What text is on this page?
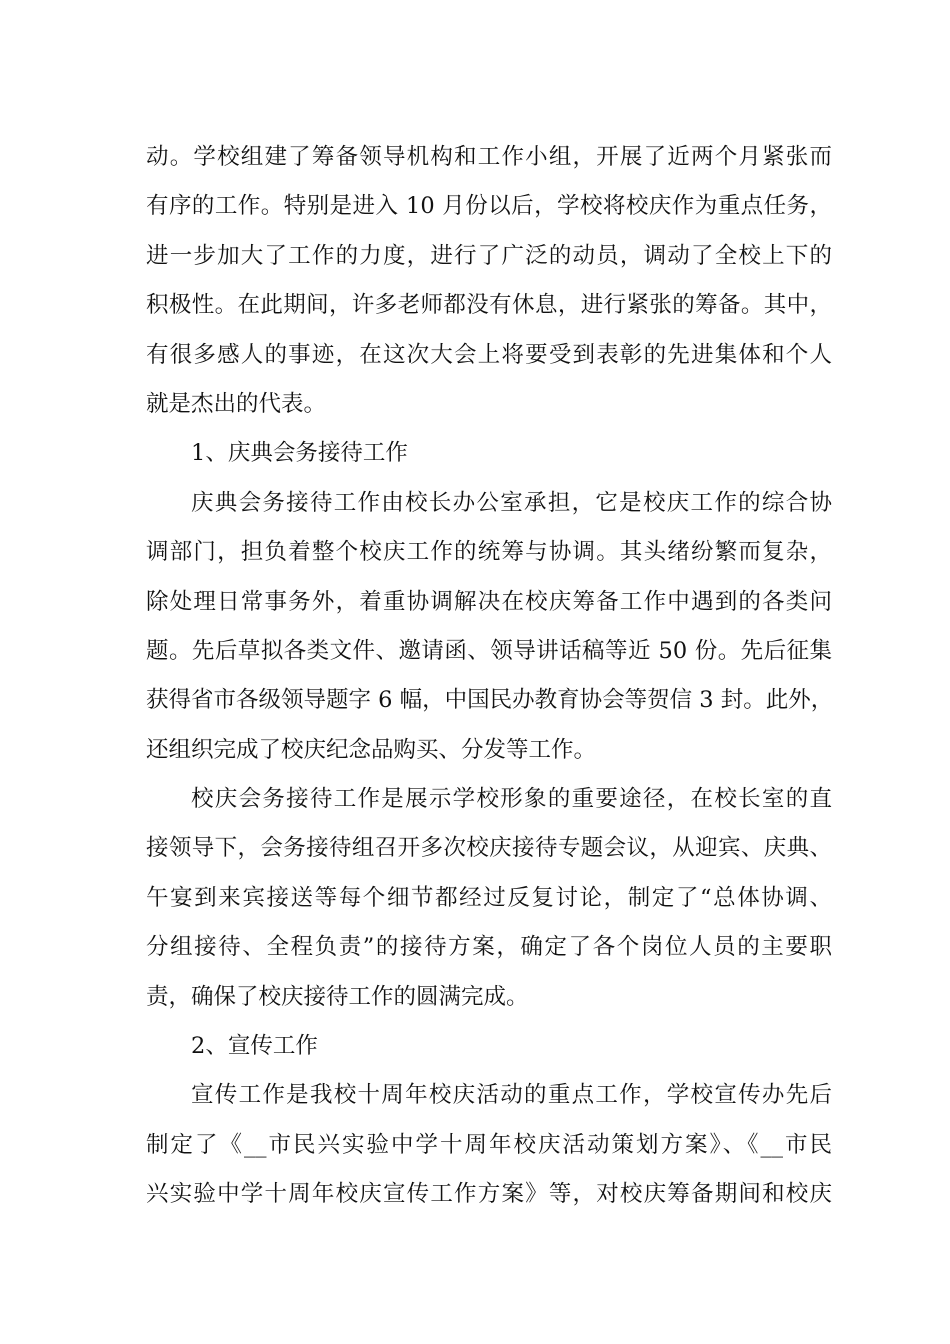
动。学校组建了筹备领导机构和工作小组，开展了近两个月紧张而
有序的工作。特别是进入 10 月份以后，学校将校庆作为重点任务，
进一步加大了工作的力度，进行了广泛的动员，调动了全校上下的
积极性。在此期间，许多老师都没有休息，进行紧张的筹备。其中，
有很多感人的事迹，在这次大会上将要受到表彰的先进集体和个人
就是杰出的代表。
1、庆典会务接待工作
庆典会务接待工作由校长办公室承担，它是校庆工作的综合协
调部门，担负着整个校庆工作的统筹与协调。其头绪纷繁而复杂，
除处理日常事务外，着重协调解决在校庆筹备工作中遇到的各类问
题。先后草拟各类文件、邀请函、领导讲话稿等近 50 份。先后征集
获得省市各级领导题字 6 幅，中国民办教育协会等贺信 3 封。此外，
还组织完成了校庆纪念品购买、分发等工作。
校庆会务接待工作是展示学校形象的重要途径，在校长室的直
接领导下，会务接待组召开多次校庆接待专题会议，从迎宾、庆典、
午宴到来宾接送等每个细节都经过反复讨论，制定了“总体协调、
分组接待、全程负责”的接待方案，确定了各个岗位人员的主要职
责，确保了校庆接待工作的圆满完成。
2、宣传工作
宣传工作是我校十周年校庆活动的重点工作，学校宣传办先后
制定了《__市民兴实验中学十周年校庆活动策划方案》、《__市民
兴实验中学十周年校庆宣传工作方案》等，对校庆筹备期间和校庆
